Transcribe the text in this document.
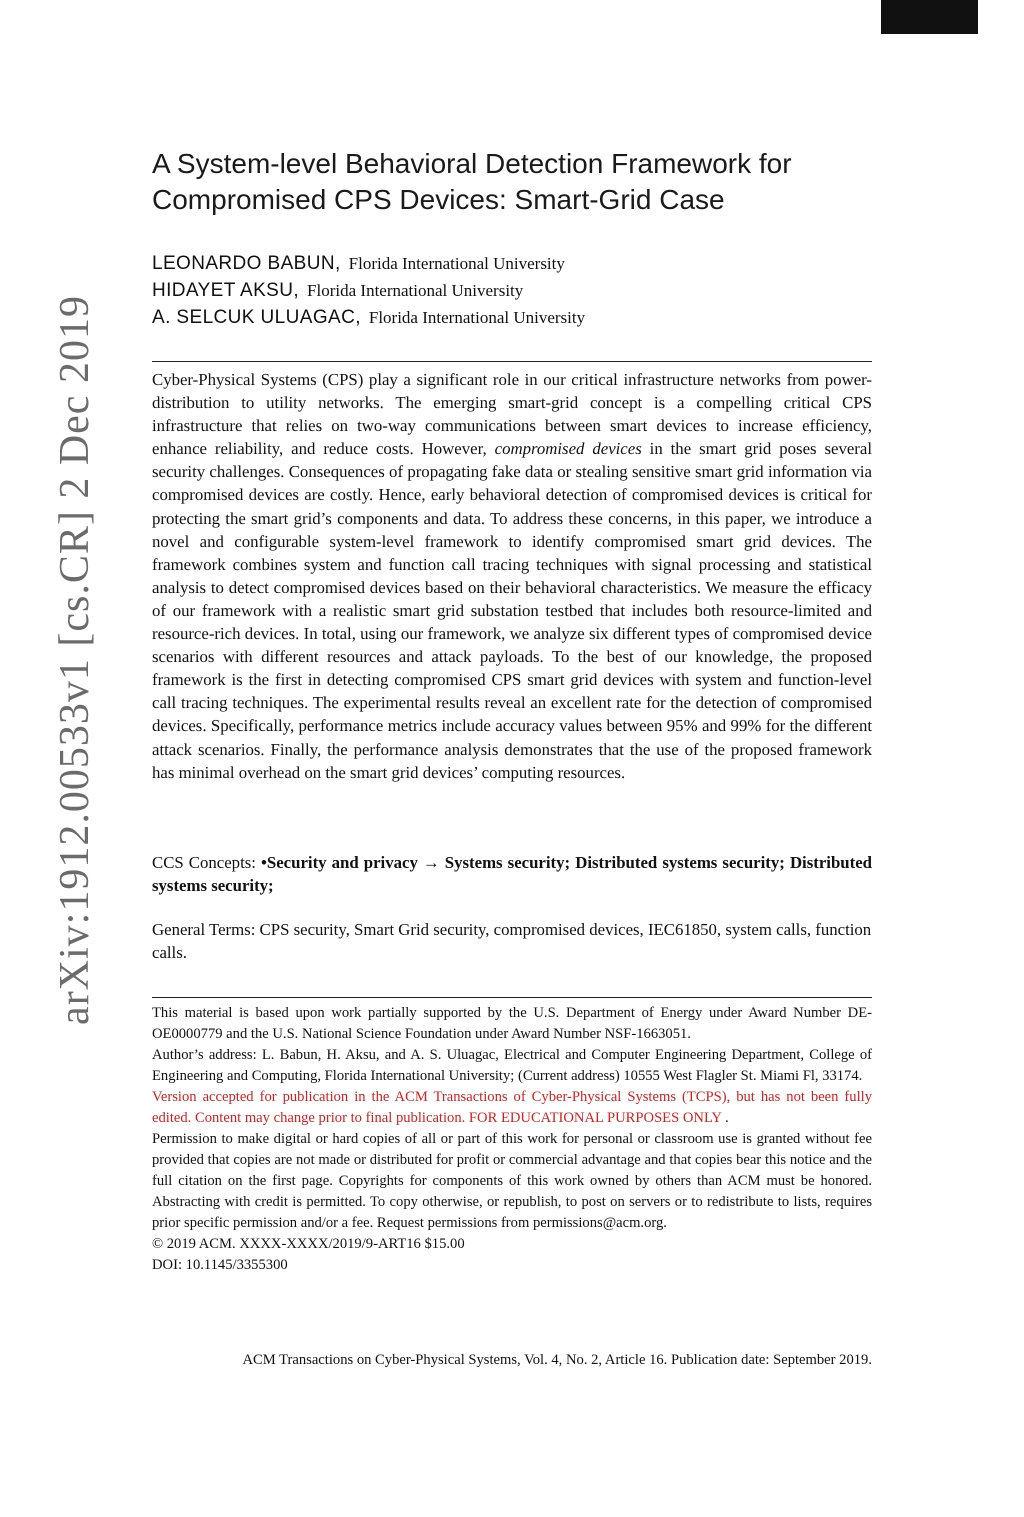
arXiv:1912.00533v1 [cs.CR] 2 Dec 2019
A System-level Behavioral Detection Framework for
Compromised CPS Devices: Smart-Grid Case
LEONARDO BABUN, Florida International University
HIDAYET AKSU, Florida International University
A. SELCUK ULUAGAC, Florida International University

Cyber-Physical Systems (CPS) play a significant role in our critical infrastructure networks from power-distribution to utility networks. The emerging smart-grid concept is a compelling critical CPS infrastructure that relies on two-way communications between smart devices to increase efficiency, enhance reliability, and reduce costs. However, compromised devices in the smart grid poses several security challenges. Consequences of propagating fake data or stealing sensitive smart grid information via compromised devices are costly. Hence, early behavioral detection of compromised devices is critical for protecting the smart grid’s components and data. To address these concerns, in this paper, we introduce a novel and configurable system-level framework to identify compromised smart grid devices. The framework combines system and function call tracing techniques with signal processing and statistical analysis to detect compromised devices based on their behavioral characteristics. We measure the efficacy of our framework with a realistic smart grid substation testbed that includes both resource-limited and resource-rich devices. In total, using our framework, we analyze six different types of compromised device scenarios with different resources and attack payloads. To the best of our knowledge, the proposed framework is the first in detecting compromised CPS smart grid devices with system and function-level call tracing techniques. The experimental results reveal an excellent rate for the detection of compromised devices. Specifically, performance metrics include accuracy values between 95% and 99% for the different attack scenarios. Finally, the performance analysis demonstrates that the use of the proposed framework has minimal overhead on the smart grid devices’ computing resources.

CCS Concepts: •Security and privacy → Systems security; Distributed systems security; Distributed systems security;

General Terms: CPS security, Smart Grid security, compromised devices, IEC61850, system calls, function calls.

This material is based upon work partially supported by the U.S. Department of Energy under Award Number DE-OE0000779 and the U.S. National Science Foundation under Award Number NSF-1663051.

Author’s address: L. Babun, H. Aksu, and A. S. Uluagac, Electrical and Computer Engineering Department, College of Engineering and Computing, Florida International University; (Current address) 10555 West Flagler St. Miami Fl, 33174.

Version accepted for publication in the ACM Transactions of Cyber-Physical Systems (TCPS), but has not been fully edited. Content may change prior to final publication. FOR EDUCATIONAL PURPOSES ONLY .

Permission to make digital or hard copies of all or part of this work for personal or classroom use is granted without fee provided that copies are not made or distributed for profit or commercial advantage and that copies bear this notice and the full citation on the first page. Copyrights for components of this work owned by others than ACM must be honored. Abstracting with credit is permitted. To copy otherwise, or republish, to post on servers or to redistribute to lists, requires prior specific permission and/or a fee. Request permissions from permissions@acm.org.

© 2019 ACM. XXXX-XXXX/2019/9-ART16 $15.00

DOI: 10.1145/3355300

ACM Transactions on Cyber-Physical Systems, Vol. 4, No. 2, Article 16. Publication date: September 2019.
